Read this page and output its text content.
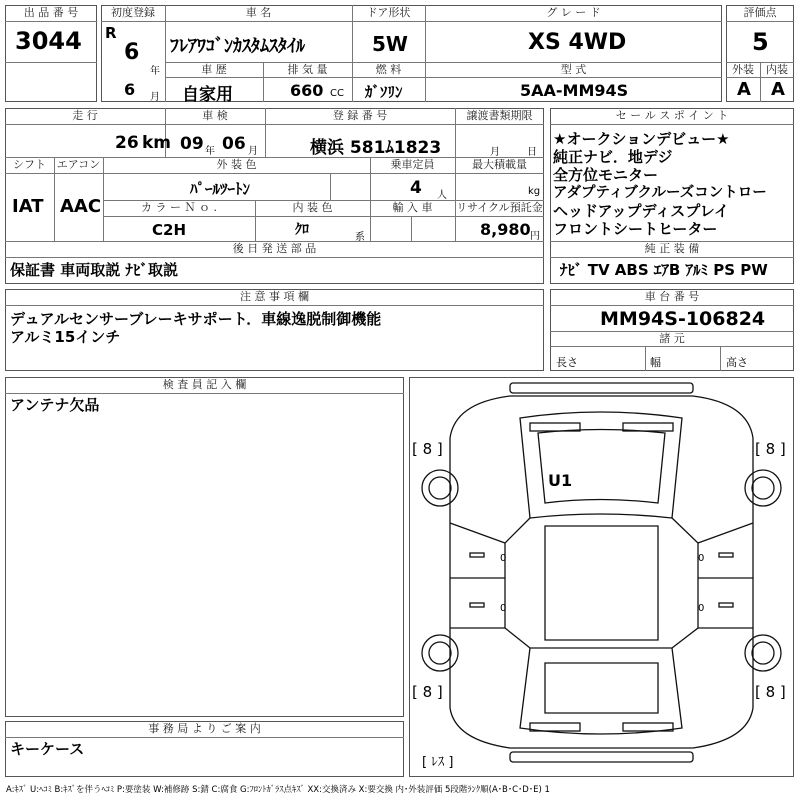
出 品 番 号
3044
初度登録
R
6
年
6 月
車 名
ﾌﾚｱﾜｺﾞﾝｶｽﾀﾑｽﾀｲﾙ
車 歴
自家用
排 気 量
660 CC
ドア形状
5W
燃 料
ｶﾞｿﾘﾝ
グ レ ー ド
XS 4WD
型 式
5AA-MM94S
評価点
5
外装	内装
A A
走 行
26 km
車 検
09 年 06 月
登 録 番 号
横浜 581ﾑ1823
譲渡書類期限
月	日
シフト
IAT
エアコン
AAC
外 装 色
ﾊﾟｰﾙﾂｰﾄﾝ
乗車定員
4 人
最大積載量
kg
カ ラ ー Ｎ ｏ .
C2H
内 装 色
ｸﾛ	系
輸 入 車	リサイクル預託金
8,980 円
後 日 発 送 部 品
保証書 車両取説 ﾅﾋﾞ取説
セ ー ル ス ポ イ ン ト
★オークションデビュー★
純正ナビ．地デジ
全方位モニター
アダプティブクルーズコントロー
ヘッドアップディスプレイ
フロントシートヒーター
純 正 装 備
ﾅﾋﾞ TV ABS ｴｱB ｱﾙﾐ PS PW
注 意 事 項 欄
デュアルセンサーブレーキサポート．車線逸脱制御機能
アルミ15インチ
車 台 番 号
MM94S-106824
諸 元
長さ	幅	高さ
検 査 員 記 入 欄
アンテナ欠品
事 務 局 よ り ご 案 内
キーケース
[ 8 ]	[ 8 ]
[ 8 ]	[ 8 ]
[ ﾚｽ ]
U1
0	0
0	0
A:ｷｽﾞ U:ﾍｺﾐ B:ｷｽﾞを伴うﾍｺﾐ P:要塗装 W:補修跡 S:錆 C:腐食 G:ﾌﾛﾝﾄｶﾞﾗｽ点ｷｽﾞ XX:交換済み X:要交換 内･外装評価 5段階ﾗﾝｸ順(A･B･C･D･E) 1
